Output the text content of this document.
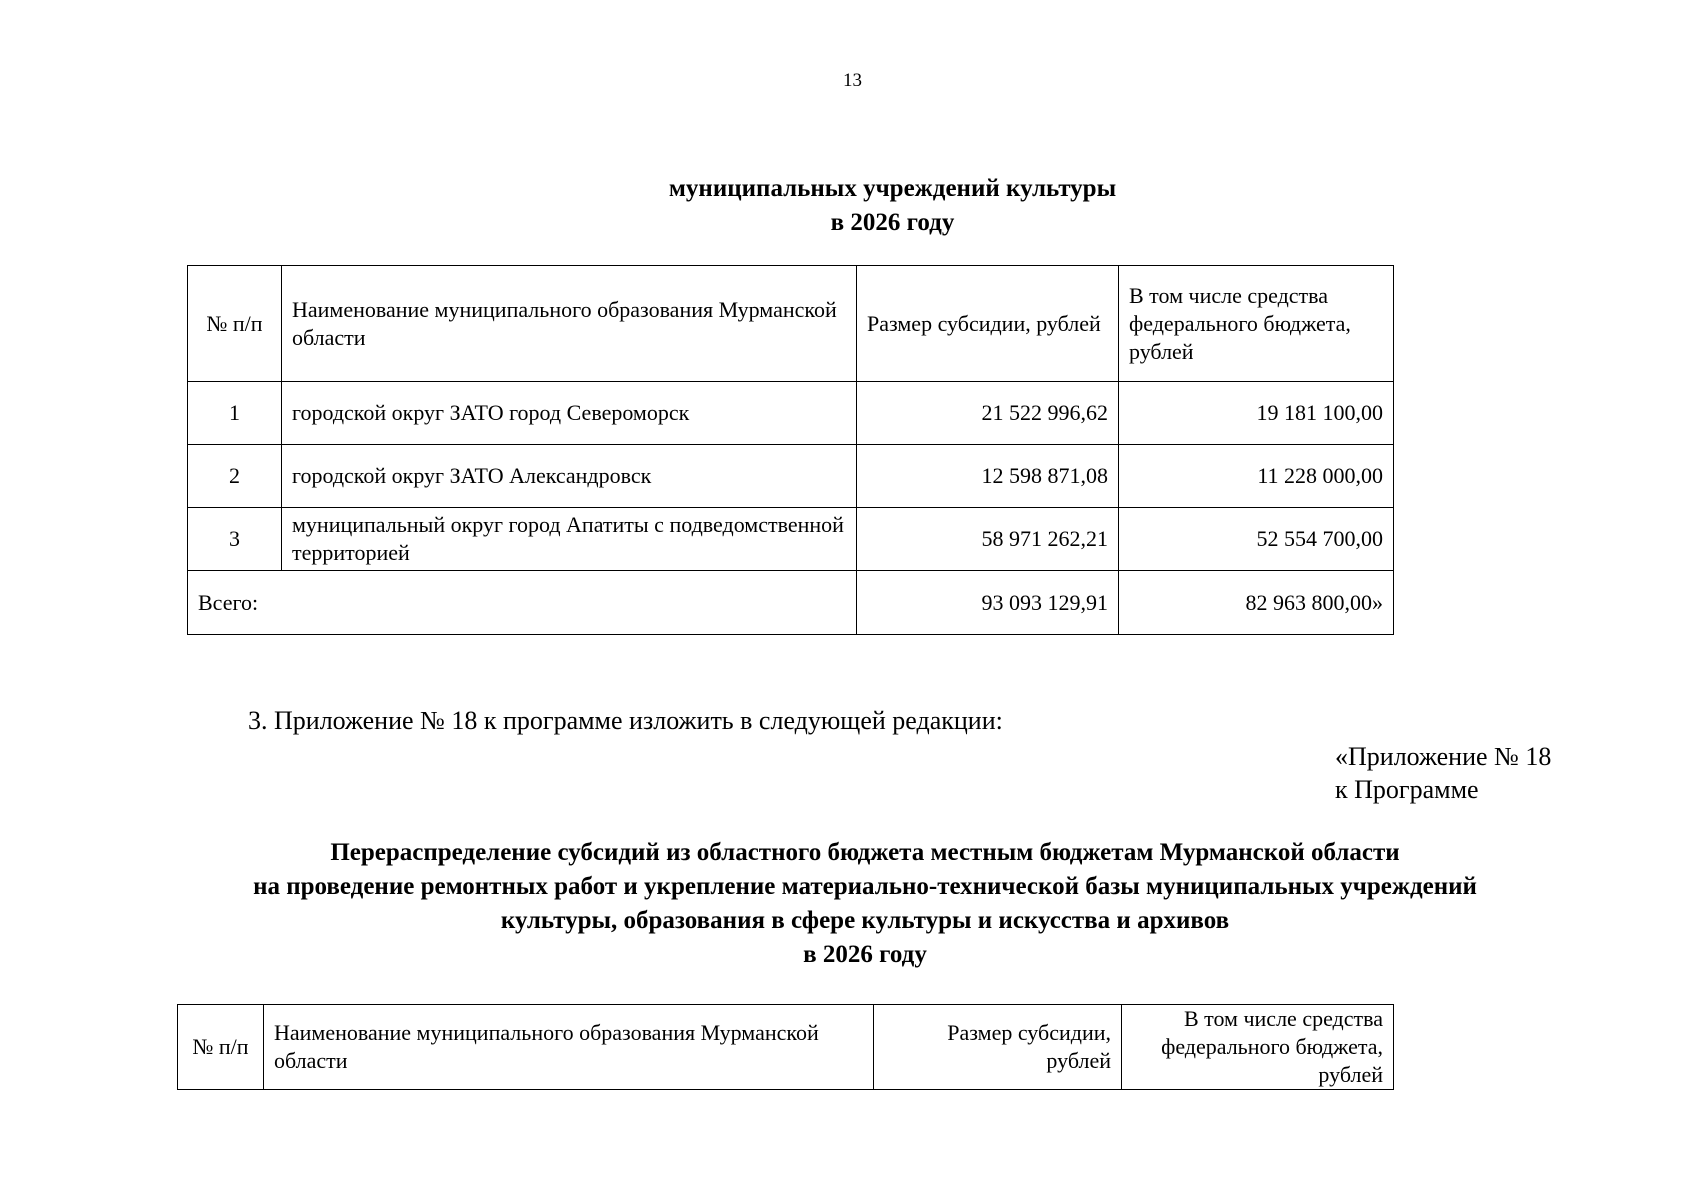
13
муниципальных учреждений культуры
в 2026 году
№ п/п	Наименование муниципального образования Мурманской области	Размер субсидии, рублей	В том числе средства федерального бюджета, рублей
1	городской округ ЗАТО город Североморск	21 522 996,62	19 181 100,00
2	городской округ ЗАТО Александровск	12 598 871,08	11 228 000,00
3	муниципальный округ город Апатиты с подведомственной территорией	58 971 262,21	52 554 700,00
Всего:		93 093 129,91	82 963 800,00»
3. Приложение № 18 к программе изложить в следующей редакции:
«Приложение № 18
к Программе
Перераспределение субсидий из областного бюджета местным бюджетам Мурманской области
на проведение ремонтных работ и укрепление материально-технической базы муниципальных учреждений
культуры, образования в сфере культуры и искусства и архивов
в 2026 году
№ п/п	Наименование муниципального образования Мурманской области	Размер субсидии, рублей	В том числе средства федерального бюджета, рублей
